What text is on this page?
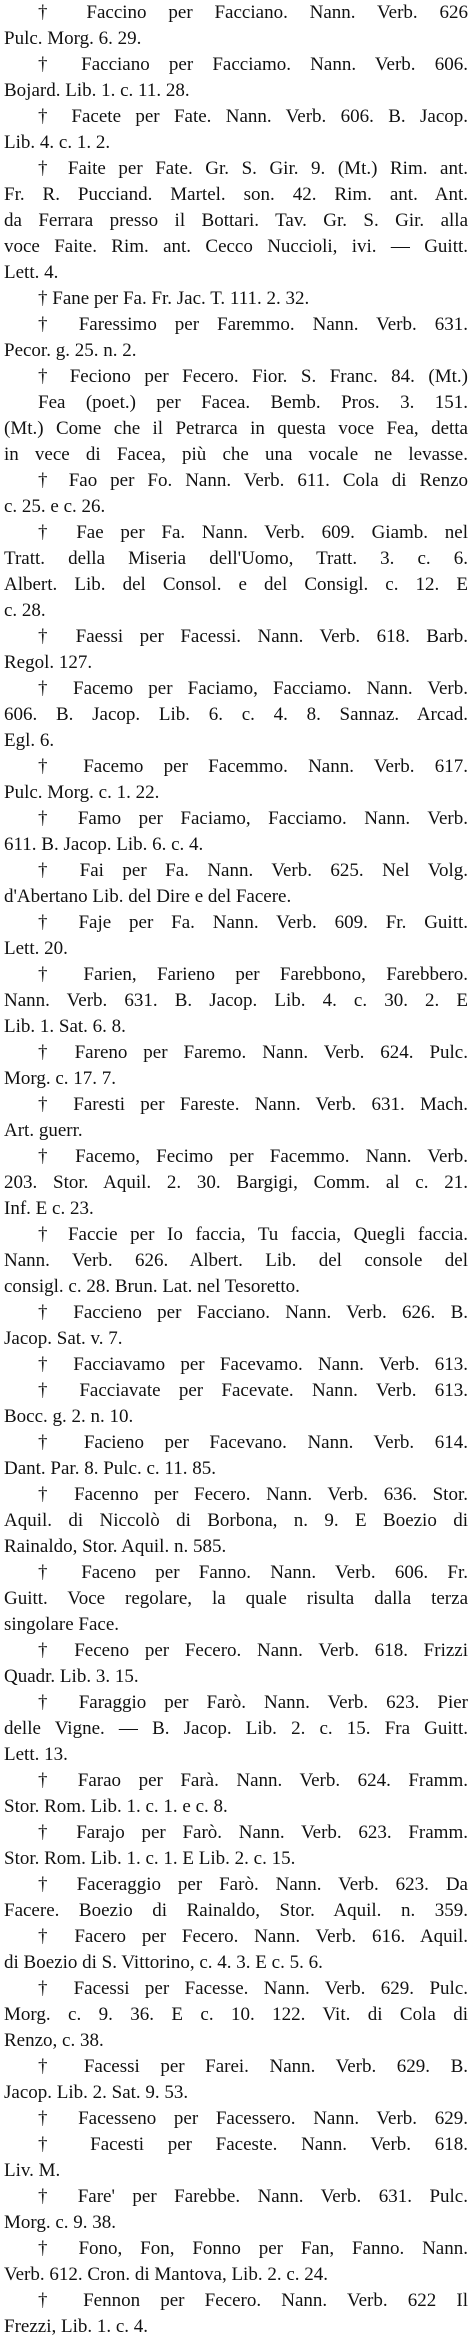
† Faccino per Facciano. Nann. Verb. 626
Pulc. Morg. 6. 29.
† Facciano per Facciamo. Nann. Verb. 606.
Bojard. Lib. 1. c. 11. 28.
† Facete per Fate. Nann. Verb. 606. B. Jacop.
Lib. 4. c. 1. 2.
† Faite per Fate. Gr. S. Gir. 9. (Mt.) Rim. ant.
Fr. R. Pucciand. Martel. son. 42. Rim. ant. Ant.
da Ferrara presso il Bottari. Tav. Gr. S. Gir. alla
voce Faite. Rim. ant. Cecco Nuccioli, ivi. — Guitt.
Lett. 4.
† Fane per Fa. Fr. Jac. T. 111. 2. 32.
† Faressimo per Faremmo. Nann. Verb. 631.
Pecor. g. 25. n. 2.
† Feciono per Fecero. Fior. S. Franc. 84. (Mt.)
Fea (poet.) per Facea. Bemb. Pros. 3. 151.
(Mt.) Come che il Petrarca in questa voce Fea, detta
in vece di Facea, più che una vocale ne levasse.
† Fao per Fo. Nann. Verb. 611. Cola di Renzo
c. 25. e c. 26.
† Fae per Fa. Nann. Verb. 609. Giamb. nel
Tratt. della Miseria dell'Uomo, Tratt. 3. c. 6.
Albert. Lib. del Consol. e del Consigl. c. 12. E
c. 28.
† Faessi per Facessi. Nann. Verb. 618. Barb.
Regol. 127.
† Facemo per Faciamo, Facciamo. Nann. Verb.
606. B. Jacop. Lib. 6. c. 4. 8. Sannaz. Arcad.
Egl. 6.
† Facemo per Facemmo. Nann. Verb. 617.
Pulc. Morg. c. 1. 22.
† Famo per Faciamo, Facciamo. Nann. Verb.
611. B. Jacop. Lib. 6. c. 4.
† Fai per Fa. Nann. Verb. 625. Nel Volg.
d'Abertano Lib. del Dire e del Facere.
† Faje per Fa. Nann. Verb. 609. Fr. Guitt.
Lett. 20.
† Farien, Farieno per Farebbono, Farebbero.
Nann. Verb. 631. B. Jacop. Lib. 4. c. 30. 2. E
Lib. 1. Sat. 6. 8.
† Fareno per Faremo. Nann. Verb. 624. Pulc.
Morg. c. 17. 7.
† Faresti per Fareste. Nann. Verb. 631. Mach.
Art. guerr.
† Facemo, Fecimo per Facemmo. Nann. Verb.
203. Stor. Aquil. 2. 30. Bargigi, Comm. al c. 21.
Inf. E c. 23.
† Faccie per Io faccia, Tu faccia, Quegli faccia.
Nann. Verb. 626. Albert. Lib. del console del
consigl. c. 28. Brun. Lat. nel Tesoretto.
† Faccieno per Facciano. Nann. Verb. 626. B.
Jacop. Sat. v. 7.
† Facciavamo per Facevamo. Nann. Verb. 613.
† Facciavate per Facevate. Nann. Verb. 613.
Bocc. g. 2. n. 10.
† Facieno per Facevano. Nann. Verb. 614.
Dant. Par. 8. Pulc. c. 11. 85.
† Facenno per Fecero. Nann. Verb. 636. Stor.
Aquil. di Niccolò di Borbona, n. 9. E Boezio di
Rainaldo, Stor. Aquil. n. 585.
† Faceno per Fanno. Nann. Verb. 606. Fr.
Guitt. Voce regolare, la quale risulta dalla terza
singolare Face.
† Feceno per Fecero. Nann. Verb. 618. Frizzi
Quadr. Lib. 3. 15.
† Faraggio per Farò. Nann. Verb. 623. Pier
delle Vigne. — B. Jacop. Lib. 2. c. 15. Fra Guitt.
Lett. 13.
† Farao per Farà. Nann. Verb. 624. Framm.
Stor. Rom. Lib. 1. c. 1. e c. 8.
† Farajo per Farò. Nann. Verb. 623. Framm.
Stor. Rom. Lib. 1. c. 1. E Lib. 2. c. 15.
† Faceraggio per Farò. Nann. Verb. 623. Da
Facere. Boezio di Rainaldo, Stor. Aquil. n. 359.
† Facero per Fecero. Nann. Verb. 616. Aquil.
di Boezio di S. Vittorino, c. 4. 3. E c. 5. 6.
† Facessi per Facesse. Nann. Verb. 629. Pulc.
Morg. c. 9. 36. E c. 10. 122. Vit. di Cola di
Renzo, c. 38.
† Facessi per Farei. Nann. Verb. 629. B.
Jacop. Lib. 2. Sat. 9. 53.
† Facesseno per Facessero. Nann. Verb. 629.
† Facesti per Faceste. Nann. Verb. 618.
Liv. M.
† Fare' per Farebbe. Nann. Verb. 631. Pulc.
Morg. c. 9. 38.
† Fono, Fon, Fonno per Fan, Fanno. Nann.
Verb. 612. Cron. di Mantova, Lib. 2. c. 24.
† Fennon per Fecero. Nann. Verb. 622 Il
Frezzi, Lib. 1. c. 4.
